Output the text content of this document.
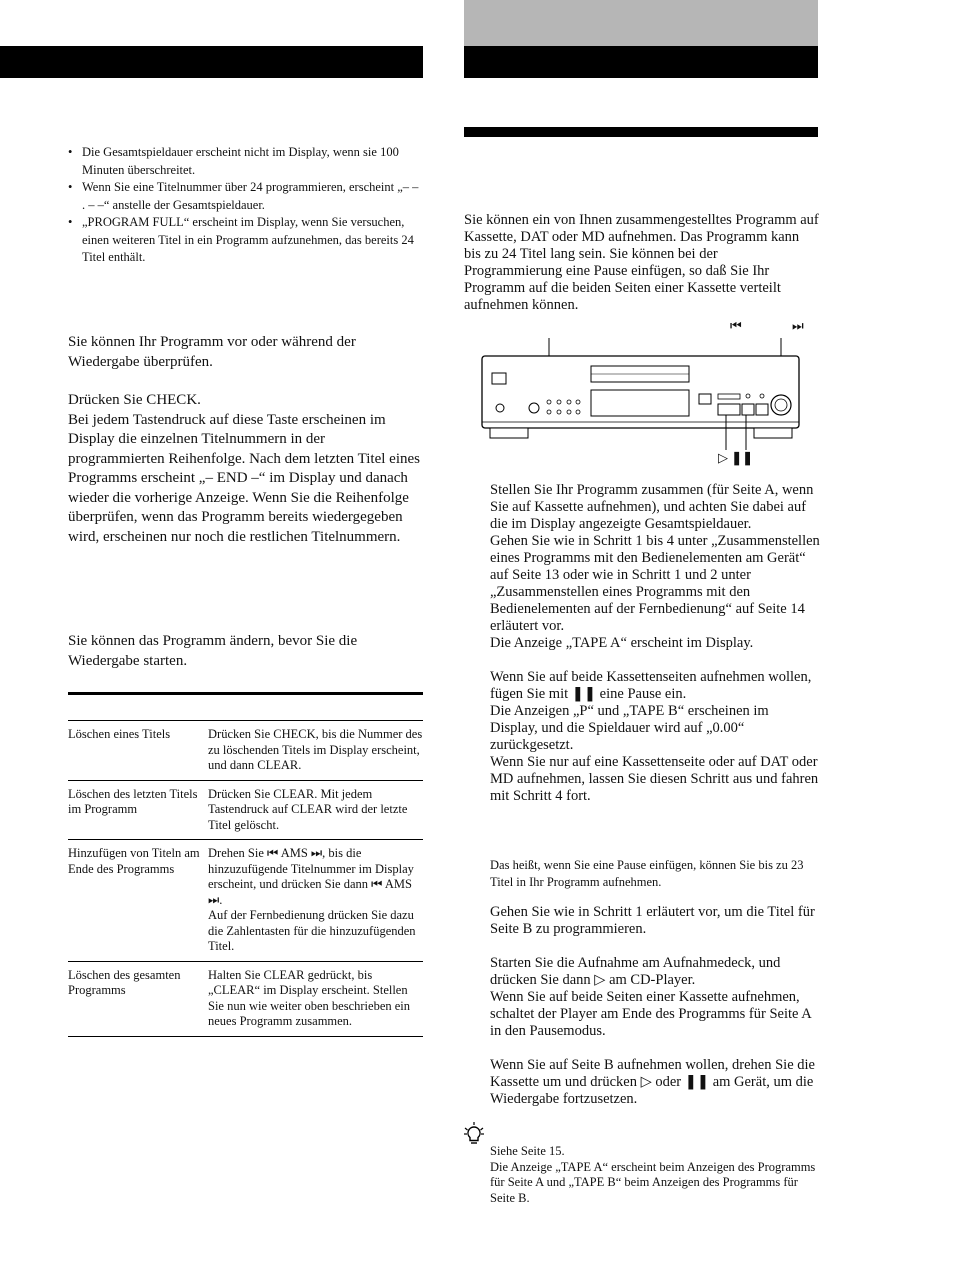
• Die Gesamtspieldauer erscheint nicht im Display, wenn sie 100 Minuten überschreitet.
• Wenn Sie eine Titelnummer über 24 programmieren, erscheint „– – . – –“ anstelle der Gesamtspieldauer.
• „PROGRAM FULL“ erscheint im Display, wenn Sie versuchen, einen weiteren Titel in ein Programm aufzunehmen, das bereits 24 Titel enthält.

Sie können Ihr Programm vor oder während der Wiedergabe überprüfen.

Drücken Sie CHECK.

Bei jedem Tastendruck auf diese Taste erscheinen im Display die einzelnen Titelnummern in der programmierten Reihenfolge. Nach dem letzten Titel eines Programms erscheint „– END –“ im Display und danach wieder die vorherige Anzeige. Wenn Sie die Reihenfolge überprüfen, wenn das Programm bereits wiedergegeben wird, erscheinen nur noch die restlichen Titelnummern.

Sie können das Programm ändern, bevor Sie die Wiedergabe starten.

Löschen eines Titels	Drücken Sie CHECK, bis die Nummer des zu löschenden Titels im Display erscheint, und dann CLEAR.
Löschen des letzten Titels im Programm	Drücken Sie CLEAR. Mit jedem Tastendruck auf CLEAR wird der letzte Titel gelöscht.
Hinzufügen von Titeln am Ende des Programms	Drehen Sie ⏮ AMS ⏭, bis die hinzuzufügende Titelnummer im Display erscheint, und drücken Sie dann ⏮ AMS ⏭.
Auf der Fernbedienung drücken Sie dazu die Zahlentasten für die hinzuzufügenden Titel.
Löschen des gesamten Programms	Halten Sie CLEAR gedrückt, bis „CLEAR“ im Display erscheint. Stellen Sie nun wie weiter oben beschrieben ein neues Programm zusammen.

Sie können ein von Ihnen zusammengestelltes Programm auf Kassette, DAT oder MD aufnehmen. Das Programm kann bis zu 24 Titel lang sein. Sie können bei der Programmierung eine Pause einfügen, so daß Sie Ihr Programm auf die beiden Seiten einer Kassette verteilt aufnehmen können.

⏮	⏭
▷ ❚❚

Stellen Sie Ihr Programm zusammen (für Seite A, wenn Sie auf Kassette aufnehmen), und achten Sie dabei auf die im Display angezeigte Gesamtspieldauer.

Gehen Sie wie in Schritt 1 bis 4 unter „Zusammenstellen eines Programms mit den Bedienelementen am Gerät“ auf Seite 13 oder wie in Schritt 1 und 2 unter „Zusammenstellen eines Programms mit den Bedienelementen auf der Fernbedienung“ auf Seite 14 erläutert vor.

Die Anzeige „TAPE A“ erscheint im Display.

Wenn Sie auf beide Kassettenseiten aufnehmen wollen, fügen Sie mit ❚❚ eine Pause ein.

Die Anzeigen „P“ und „TAPE B“ erscheinen im Display, und die Spieldauer wird auf „0.00“ zurückgesetzt.

Wenn Sie nur auf eine Kassettenseite oder auf DAT oder MD aufnehmen, lassen Sie diesen Schritt aus und fahren mit Schritt 4 fort.

Das heißt, wenn Sie eine Pause einfügen, können Sie bis zu 23 Titel in Ihr Programm aufnehmen.

Gehen Sie wie in Schritt 1 erläutert vor, um die Titel für Seite B zu programmieren.

Starten Sie die Aufnahme am Aufnahmedeck, und drücken Sie dann ▷ am CD-Player.

Wenn Sie auf beide Seiten einer Kassette aufnehmen, schaltet der Player am Ende des Programms für Seite A in den Pausemodus.

Wenn Sie auf Seite B aufnehmen wollen, drehen Sie die Kassette um und drücken ▷ oder ❚❚ am Gerät, um die Wiedergabe fortzusetzen.

Siehe Seite 15.

Die Anzeige „TAPE A“ erscheint beim Anzeigen des Programms für Seite A und „TAPE B“ beim Anzeigen des Programms für Seite B.
